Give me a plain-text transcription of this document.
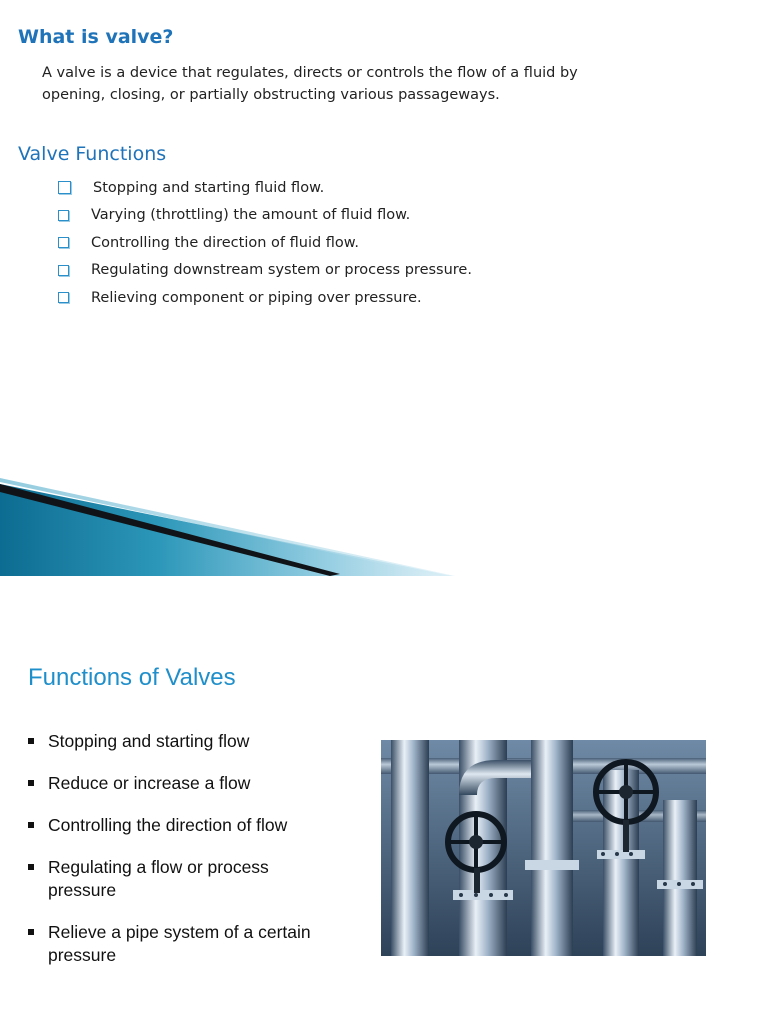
What is valve?
A valve is a device that regulates, directs or controls the flow of a fluid by
opening, closing, or partially obstructing various passageways.
Valve Functions
Stopping and starting fluid flow.
Varying (throttling) the amount of fluid flow.
Controlling the direction of fluid flow.
Regulating downstream system or process pressure.
Relieving component or piping over pressure.
Functions of Valves
Stopping and starting flow
Reduce or increase a flow
Controlling the direction of flow
Regulating a flow or process pressure
Relieve a pipe system of a certain pressure
